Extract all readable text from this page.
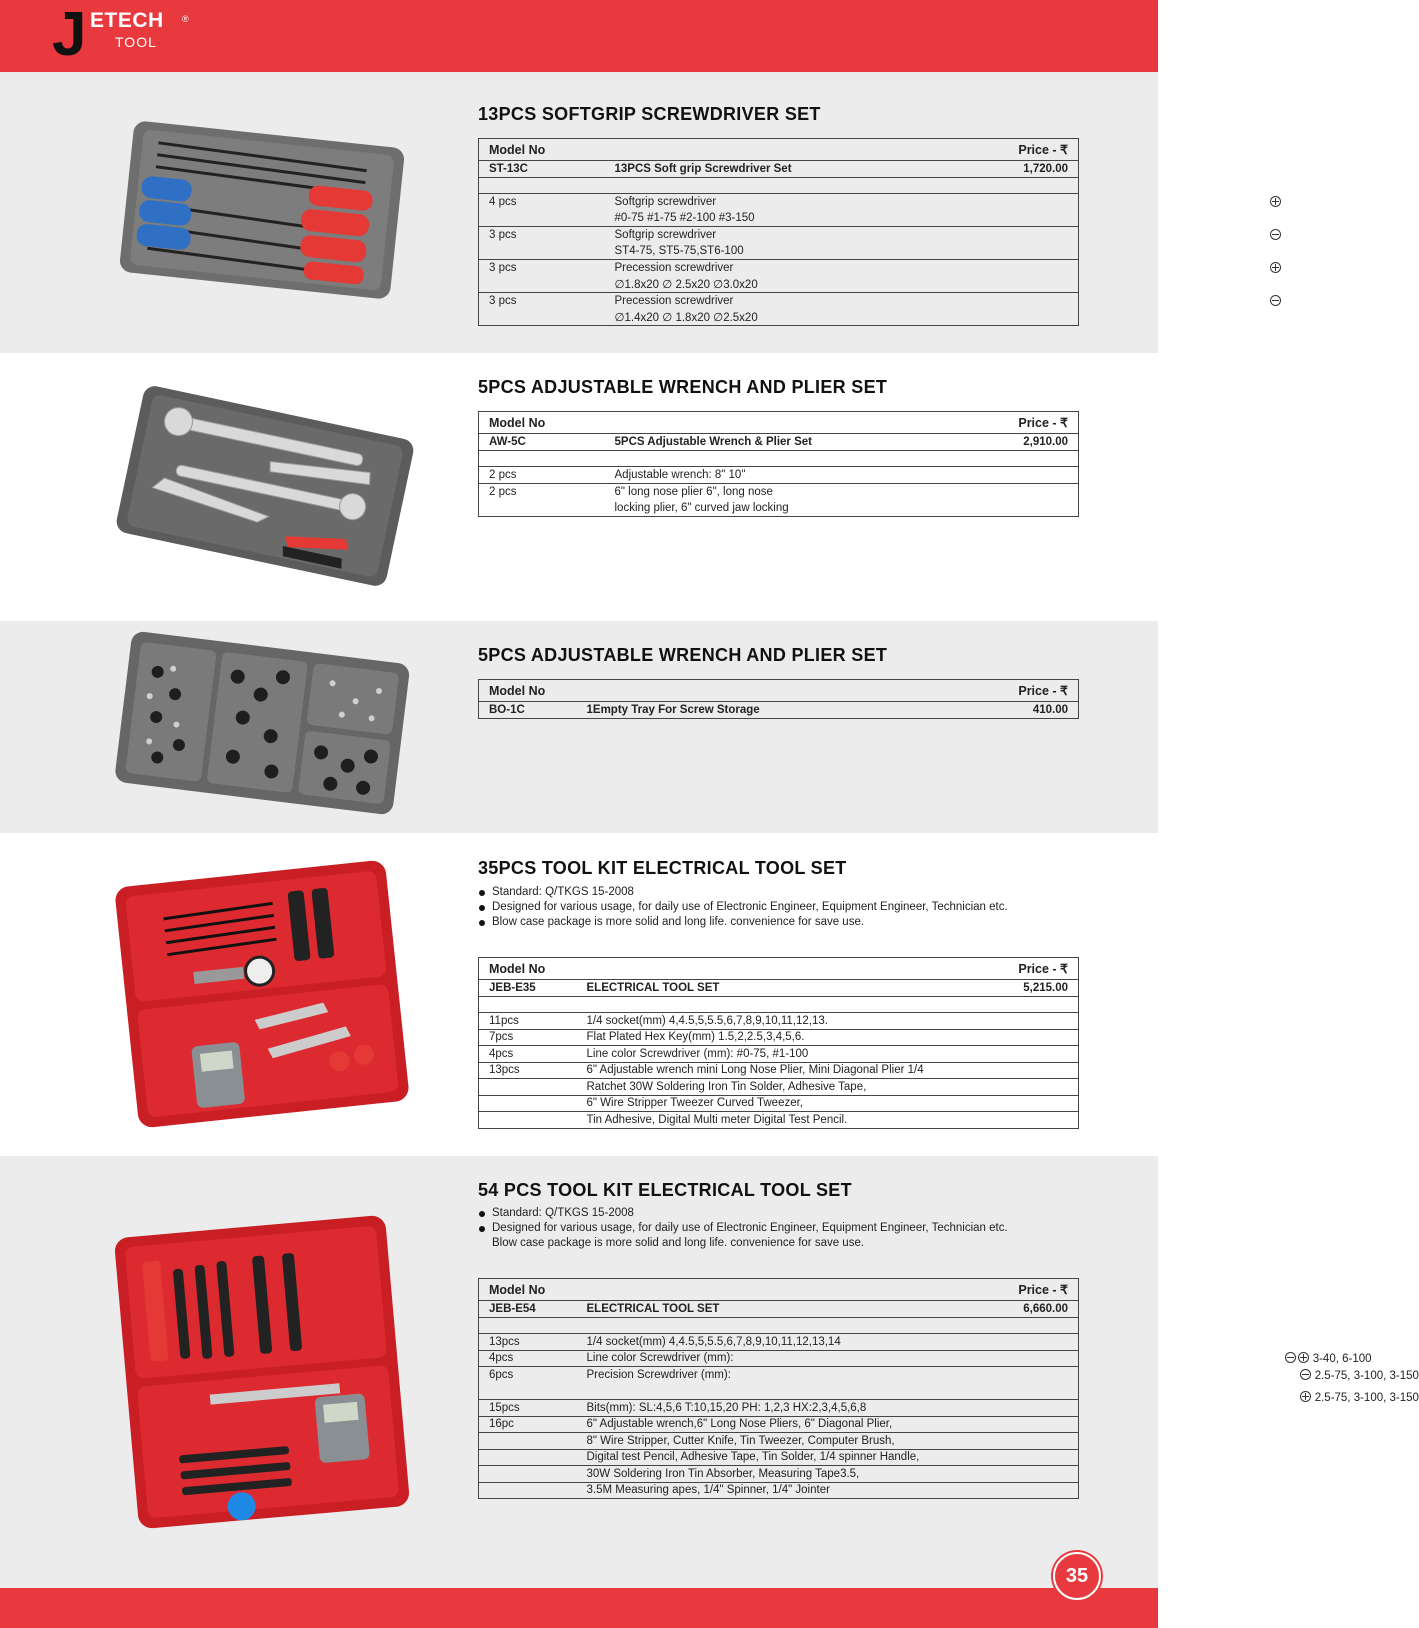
J ETECH ®
TOOL
13PCS SOFTGRIP SCREWDRIVER SET
Model No		Price - ₹
ST-13C	13PCS Soft grip Screwdriver Set	1,720.00

4 pcs	Softgrip screwdriver

	#0-75 #1-75 #2-100 #3-150	
3 pcs	Softgrip screwdriver

	ST4-75, ST5-75,ST6-100	
3 pcs	Precession screwdriver

	∅1.8x20 ∅ 2.5x20 ∅3.0x20	
3 pcs	Precession screwdriver

	∅1.4x20 ∅ 1.8x20 ∅2.5x20	
5PCS ADJUSTABLE WRENCH AND PLIER SET
Model No		Price - ₹
AW-5C	5PCS Adjustable Wrench & Plier Set	2,910.00

2 pcs	Adjustable wrench: 8" 10"	
2 pcs	6" long nose plier 6", long nose	
	locking plier, 6" curved jaw locking	
5PCS ADJUSTABLE WRENCH AND PLIER SET
Model No		Price - ₹
BO-1C	1Empty Tray For Screw Storage	410.00
35PCS TOOL KIT ELECTRICAL TOOL SET
Standard: Q/TKGS 15-2008
Designed for various usage, for daily use of Electronic Engineer, Equipment Engineer, Technician etc.
Blow case package is more solid and long life. convenience for save use.
Model No		Price - ₹
JEB-E35	ELECTRICAL TOOL SET	5,215.00

11pcs	1/4 socket(mm) 4,4.5,5,5.5,6,7,8,9,10,11,12,13.	
7pcs	Flat Plated Hex Key(mm) 1.5,2,2.5,3,4,5,6.	
4pcs	Line color Screwdriver (mm): #0-75, #1-100	
13pcs	6" Adjustable wrench mini Long Nose Plier, Mini Diagonal Plier 1/4	
	Ratchet 30W Soldering Iron Tin Solder, Adhesive Tape,	
	6" Wire Stripper Tweezer Curved Tweezer,	
	Tin Adhesive, Digital Multi meter Digital Test Pencil.	
54 PCS TOOL KIT ELECTRICAL TOOL SET
Standard: Q/TKGS 15-2008
Designed for various usage, for daily use of Electronic Engineer, Equipment Engineer, Technician etc.
Blow case package is more solid and long life. convenience for save use.
Model No		Price - ₹
JEB-E54	ELECTRICAL TOOL SET	6,660.00

13pcs	1/4 socket(mm) 4,4.5,5,5.5,6,7,8,9,10,11,12,13,14	
4pcs	Line color Screwdriver (mm): 3-40, 6-100	

6pcs	Precision Screwdriver (mm): 2.5-75, 3-100, 3-150	

	2.5-75, 3-100, 3-150	

15pcs	Bits(mm): SL:4,5,6 T:10,15,20 PH: 1,2,3 HX:2,3,4,5,6,8	
16pc	6" Adjustable wrench,6" Long Nose Pliers, 6" Diagonal Plier,	
	8" Wire Stripper, Cutter Knife, Tin Tweezer, Computer Brush,	
	Digital test Pencil, Adhesive Tape, Tin Solder, 1/4 spinner Handle,	
	30W Soldering Iron Tin Absorber, Measuring Tape3.5,	
	3.5M Measuring apes, 1/4" Spinner, 1/4" Jointer	
35
